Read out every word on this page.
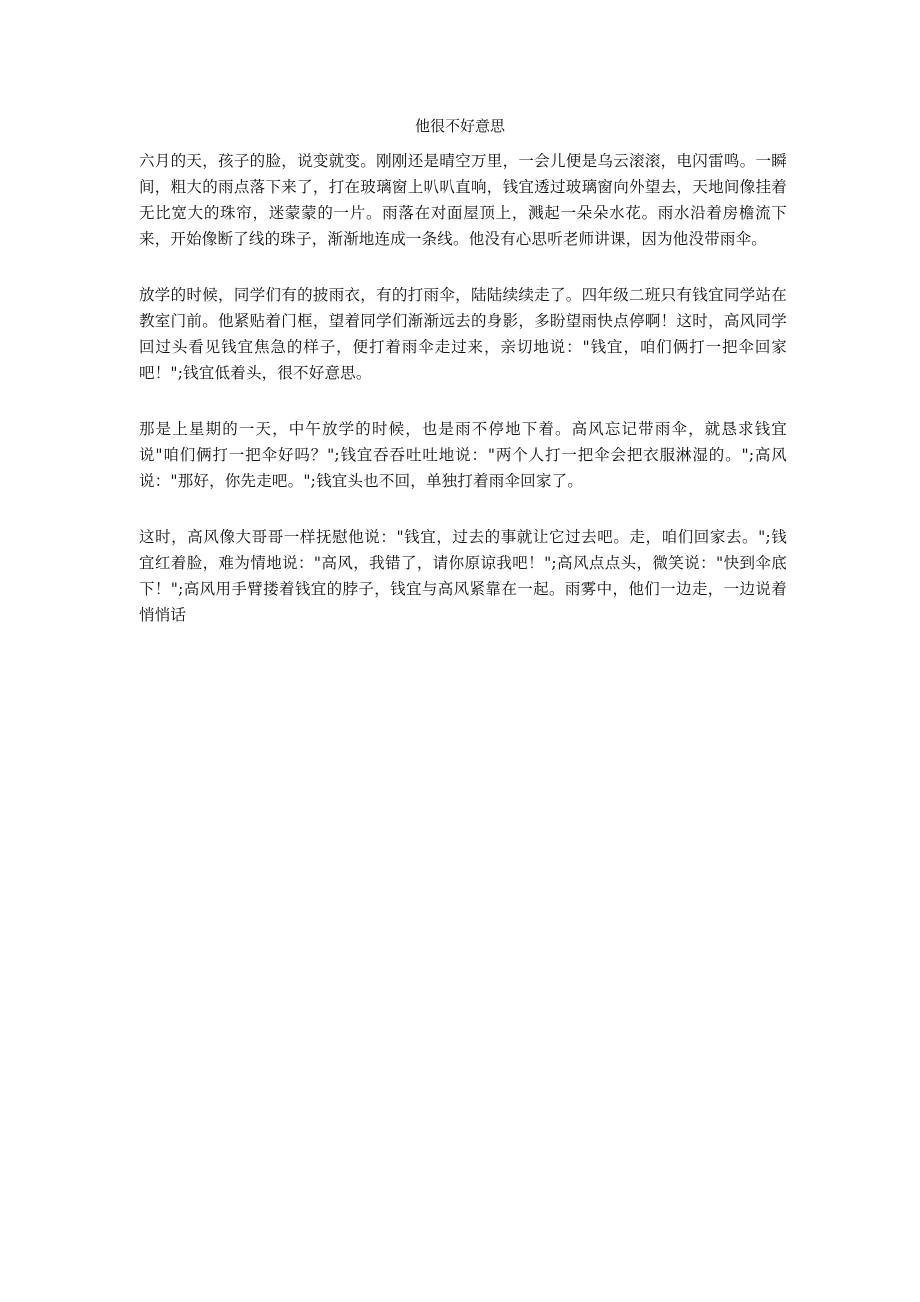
他很不好意思

六月的天，孩子的脸，说变就变。刚刚还是晴空万里，一会儿便是乌云滚滚，电闪雷鸣。一瞬间，粗大的雨点落下来了，打在玻璃窗上叭叭直响，钱宜透过玻璃窗向外望去，天地间像挂着无比宽大的珠帘，迷蒙蒙的一片。雨落在对面屋顶上，溅起一朵朵水花。雨水沿着房檐流下来，开始像断了线的珠子，渐渐地连成一条线。他没有心思听老师讲课，因为他没带雨伞。

放学的时候，同学们有的披雨衣，有的打雨伞，陆陆续续走了。四年级二班只有钱宜同学站在教室门前。他紧贴着门框，望着同学们渐渐远去的身影，多盼望雨快点停啊！这时，高风同学回过头看见钱宜焦急的样子，便打着雨伞走过来，亲切地说："钱宜，咱们俩打一把伞回家吧！";钱宜低着头，很不好意思。

那是上星期的一天，中午放学的时候，也是雨不停地下着。高风忘记带雨伞，就恳求钱宜说"咱们俩打一把伞好吗？";钱宜吞吞吐吐地说："两个人打一把伞会把衣服淋湿的。";高风说："那好，你先走吧。";钱宜头也不回，单独打着雨伞回家了。

这时，高风像大哥哥一样抚慰他说："钱宜，过去的事就让它过去吧。走，咱们回家去。";钱宜红着脸，难为情地说："高风，我错了，请你原谅我吧！";高风点点头，微笑说："快到伞底下！";高风用手臂搂着钱宜的脖子，钱宜与高风紧靠在一起。雨雾中，他们一边走，一边说着悄悄话
